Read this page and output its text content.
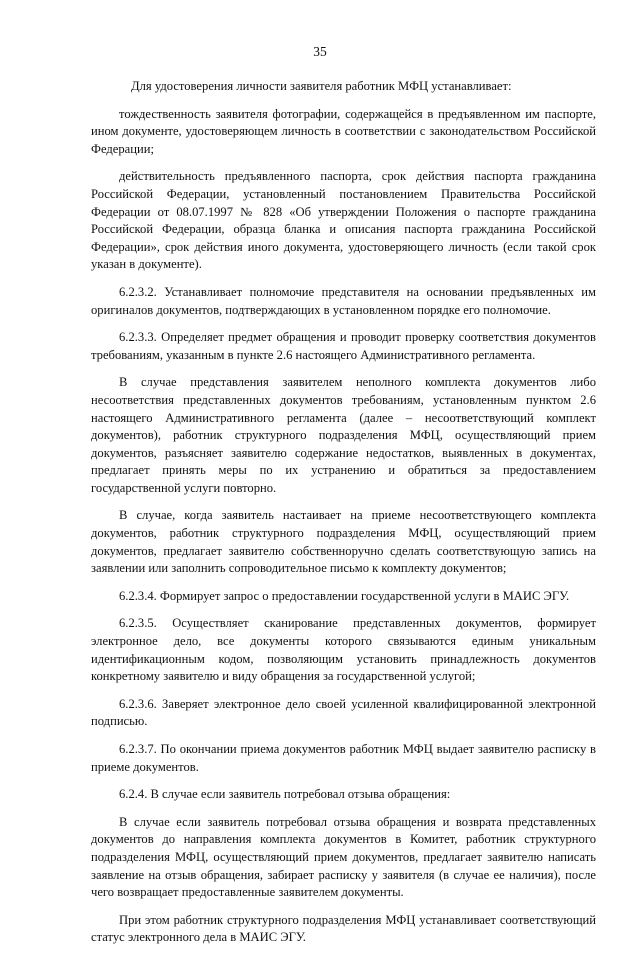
35

Для удостоверения личности заявителя работник МФЦ устанавливает:

тождественность заявителя фотографии, содержащейся в предъявленном им паспорте, ином документе, удостоверяющем личность в соответствии с законодательством Российской Федерации;

действительность предъявленного паспорта, срок действия паспорта гражданина Российской Федерации, установленный постановлением Правительства Российской Федерации от 08.07.1997 № 828 «Об утверждении Положения о паспорте гражданина Российской Федерации, образца бланка и описания паспорта гражданина Российской Федерации», срок действия иного документа, удостоверяющего личность (если такой срок указан в документе).

6.2.3.2. Устанавливает полномочие представителя на основании предъявленных им оригиналов документов, подтверждающих в установленном порядке его полномочие.

6.2.3.3. Определяет предмет обращения и проводит проверку соответствия документов требованиям, указанным в пункте 2.6 настоящего Административного регламента.

В случае представления заявителем неполного комплекта документов либо несоответствия представленных документов требованиям, установленным пунктом 2.6 настоящего Административного регламента (далее – несоответствующий комплект документов), работник структурного подразделения МФЦ, осуществляющий прием документов, разъясняет заявителю содержание недостатков, выявленных в документах, предлагает принять меры по их устранению и обратиться за предоставлением государственной услуги повторно.

В случае, когда заявитель настаивает на приеме несоответствующего комплекта документов, работник структурного подразделения МФЦ, осуществляющий прием документов, предлагает заявителю собственноручно сделать соответствующую запись на заявлении или заполнить сопроводительное письмо к комплекту документов;

6.2.3.4. Формирует запрос о предоставлении государственной услуги в МАИС ЭГУ.

6.2.3.5. Осуществляет сканирование представленных документов, формирует электронное дело, все документы которого связываются единым уникальным идентификационным кодом, позволяющим установить принадлежность документов конкретному заявителю и виду обращения за государственной услугой;

6.2.3.6. Заверяет электронное дело своей усиленной квалифицированной электронной подписью.

6.2.3.7. По окончании приема документов работник МФЦ выдает заявителю расписку в приеме документов.

6.2.4. В случае если заявитель потребовал отзыва обращения:

В случае если заявитель потребовал отзыва обращения и возврата представленных документов до направления комплекта документов в Комитет, работник структурного подразделения МФЦ, осуществляющий прием документов, предлагает заявителю написать заявление на отзыв обращения, забирает расписку у заявителя (в случае ее наличия), после чего возвращает предоставленные заявителем документы.

При этом работник структурного подразделения МФЦ устанавливает соответствующий статус электронного дела в МАИС ЭГУ.
